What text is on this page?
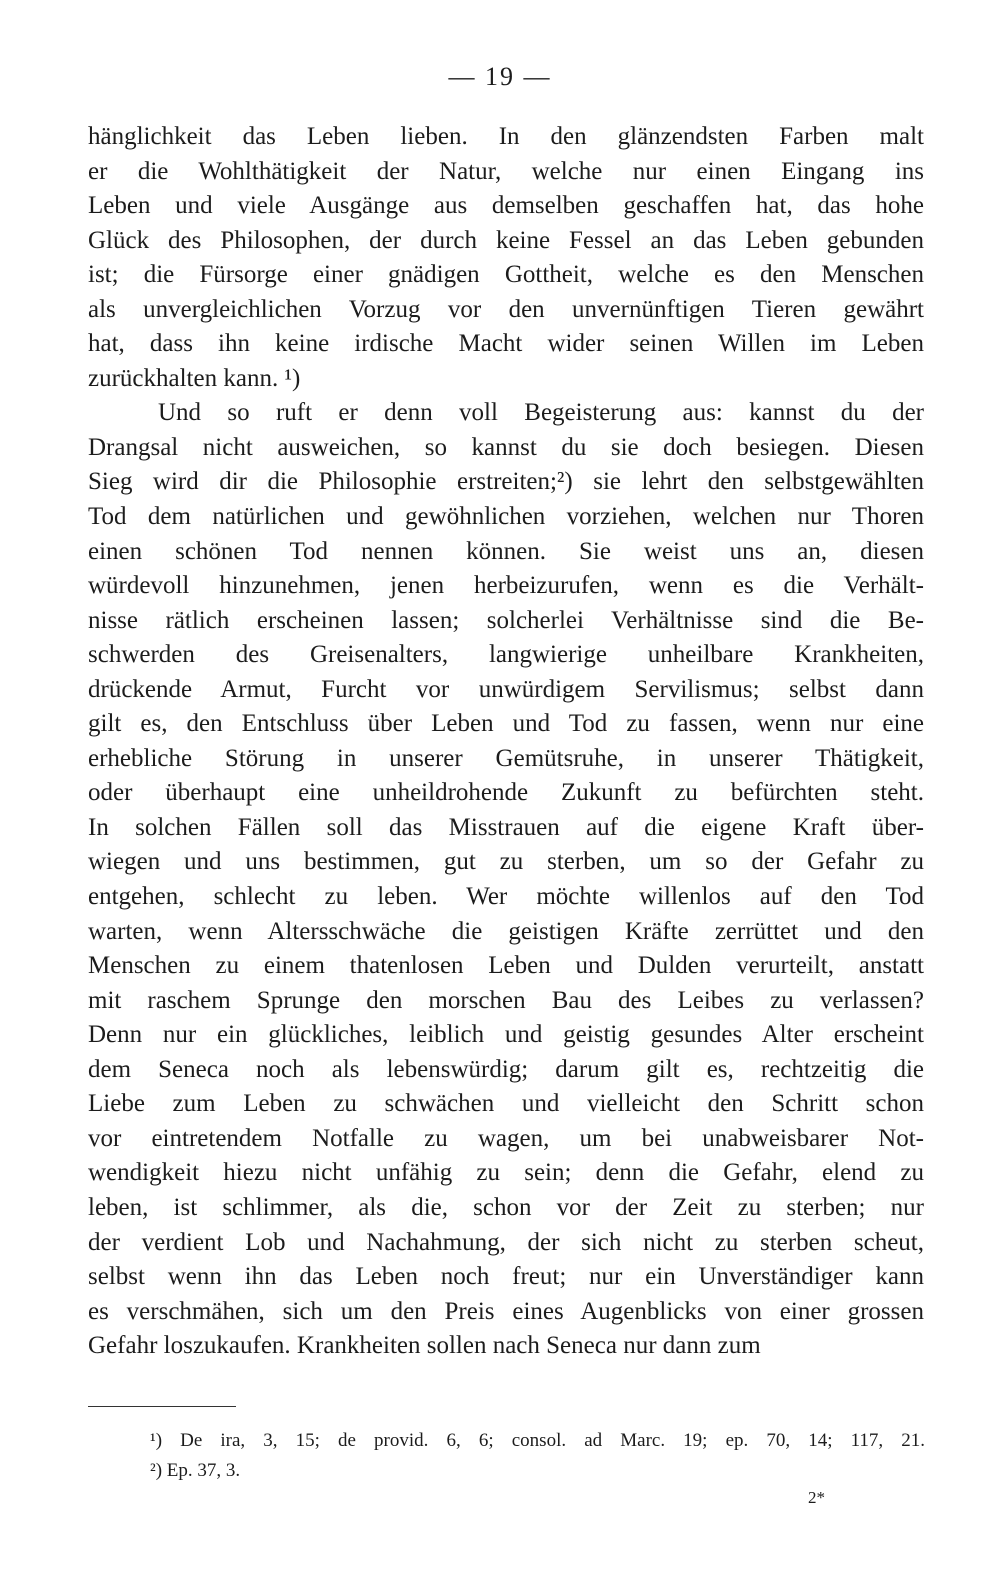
— 19 —
hänglichkeit das Leben lieben. In den glänzendsten Farben malt
er die Wohlthätigkeit der Natur, welche nur einen Eingang ins
Leben und viele Ausgänge aus demselben geschaffen hat, das hohe
Glück des Philosophen, der durch keine Fessel an das Leben gebunden
ist; die Fürsorge einer gnädigen Gottheit, welche es den Menschen
als unvergleichlichen Vorzug vor den unvernünftigen Tieren gewährt
hat, dass ihn keine irdische Macht wider seinen Willen im Leben
zurückhalten kann. ¹)
Und so ruft er denn voll Begeisterung aus: kannst du der
Drangsal nicht ausweichen, so kannst du sie doch besiegen. Diesen
Sieg wird dir die Philosophie erstreiten;²) sie lehrt den selbstgewählten
Tod dem natürlichen und gewöhnlichen vorziehen, welchen nur Thoren
einen schönen Tod nennen können. Sie weist uns an, diesen
würdevoll hinzunehmen, jenen herbeizurufen, wenn es die Verhält-
nisse rätlich erscheinen lassen; solcherlei Verhältnisse sind die Be-
schwerden des Greisenalters, langwierige unheilbare Krankheiten,
drückende Armut, Furcht vor unwürdigem Servilismus; selbst dann
gilt es, den Entschluss über Leben und Tod zu fassen, wenn nur eine
erhebliche Störung in unserer Gemütsruhe, in unserer Thätigkeit,
oder überhaupt eine unheildrohende Zukunft zu befürchten steht.
In solchen Fällen soll das Misstrauen auf die eigene Kraft über-
wiegen und uns bestimmen, gut zu sterben, um so der Gefahr zu
entgehen, schlecht zu leben. Wer möchte willenlos auf den Tod
warten, wenn Altersschwäche die geistigen Kräfte zerrüttet und den
Menschen zu einem thatenlosen Leben und Dulden verurteilt, anstatt
mit raschem Sprunge den morschen Bau des Leibes zu verlassen?
Denn nur ein glückliches, leiblich und geistig gesundes Alter erscheint
dem Seneca noch als lebenswürdig; darum gilt es, rechtzeitig die
Liebe zum Leben zu schwächen und vielleicht den Schritt schon
vor eintretendem Notfalle zu wagen, um bei unabweisbarer Not-
wendigkeit hiezu nicht unfähig zu sein; denn die Gefahr, elend zu
leben, ist schlimmer, als die, schon vor der Zeit zu sterben; nur
der verdient Lob und Nachahmung, der sich nicht zu sterben scheut,
selbst wenn ihn das Leben noch freut; nur ein Unverständiger kann
es verschmähen, sich um den Preis eines Augenblicks von einer grossen
Gefahr loszukaufen. Krankheiten sollen nach Seneca nur dann zum
¹) De ira, 3, 15; de provid. 6, 6; consol. ad Marc. 19; ep. 70, 14; 117, 21.
²) Ep. 37, 3.
2*
